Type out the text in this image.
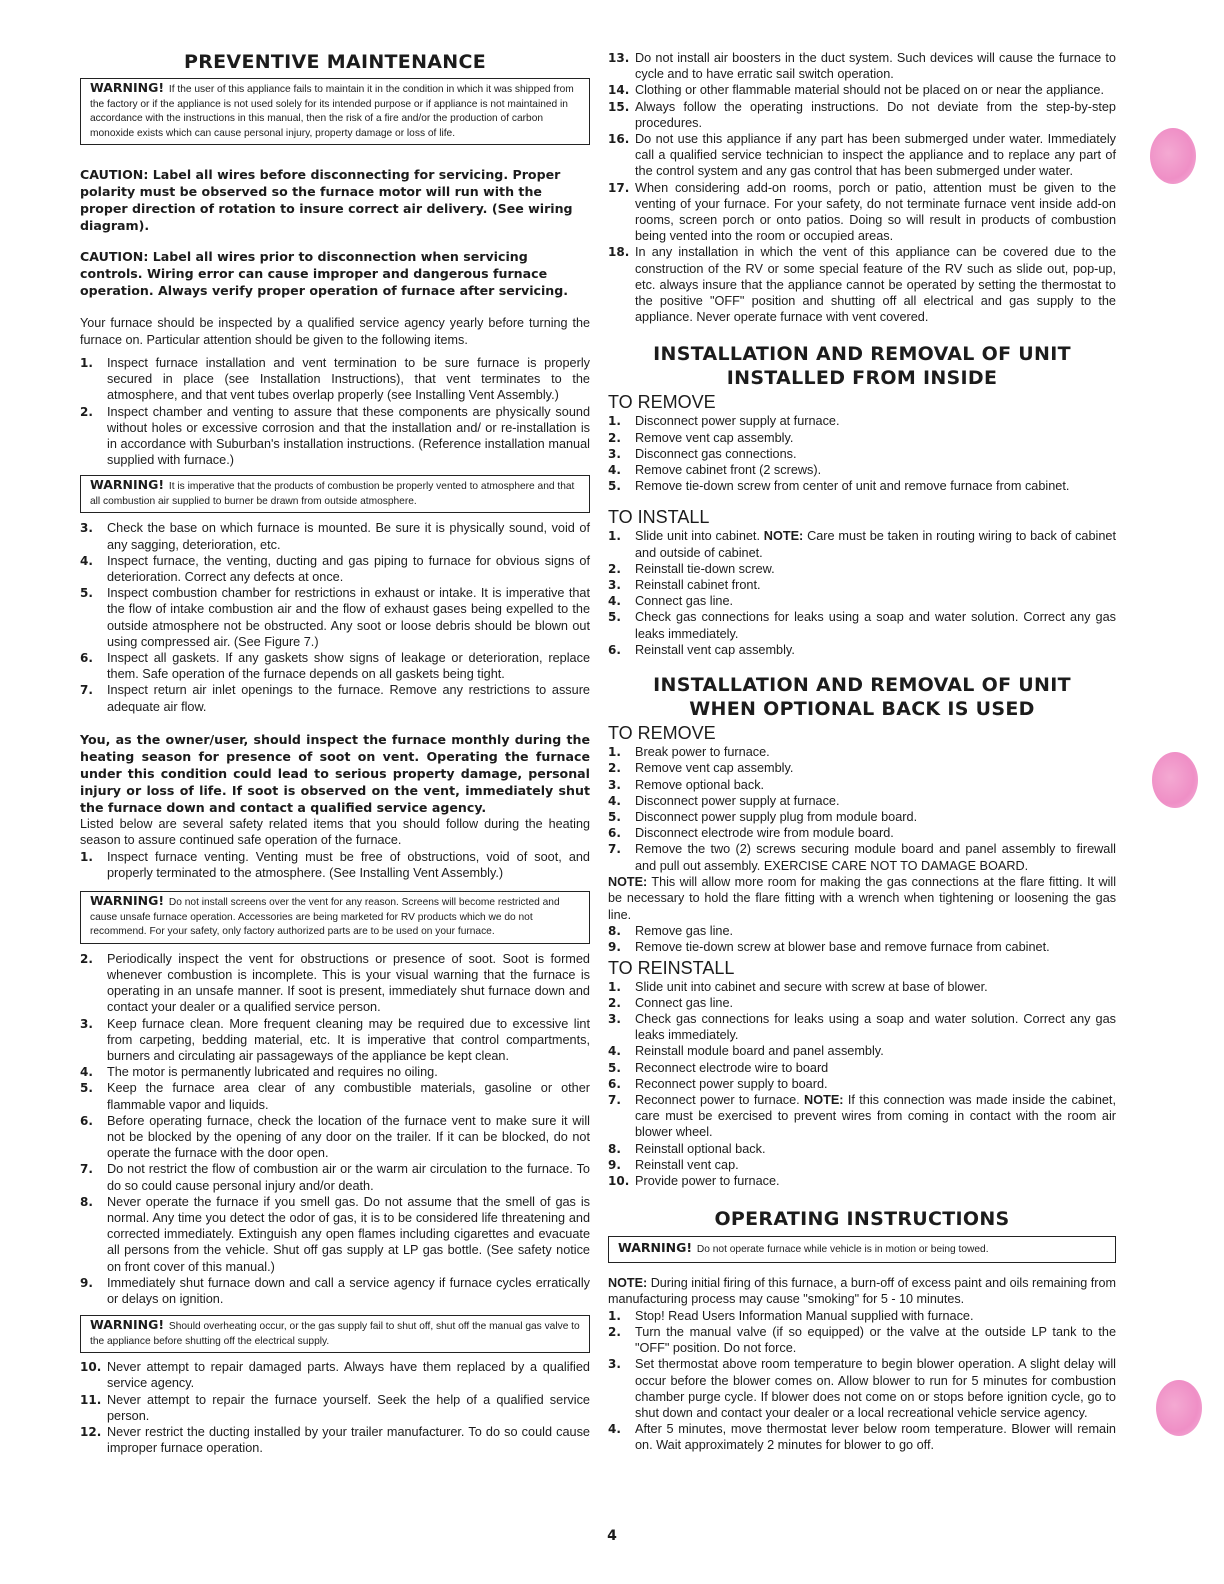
PREVENTIVE MAINTENANCE
WARNING! If the user of this appliance fails to maintain it in the condition in which it was shipped from the factory or if the appliance is not used solely for its intended purpose or if appliance is not maintained in accordance with the instructions in this manual, then the risk of a fire and/or the production of carbon monoxide exists which can cause personal injury, property damage or loss of life.

CAUTION: Label all wires before disconnecting for servicing. Proper polarity must be observed so the furnace motor will run with the proper direction of rotation to insure correct air delivery. (See wiring diagram).

CAUTION: Label all wires prior to disconnection when servicing controls. Wiring error can cause improper and dangerous furnace operation. Always verify proper operation of furnace after servicing.

Your furnace should be inspected by a qualified service agency yearly before turning the furnace on. Particular attention should be given to the following items.

1. Inspect furnace installation and vent termination to be sure furnace is properly secured in place (see Installation Instructions), that vent terminates to the atmosphere, and that vent tubes overlap properly (see Installing Vent Assembly.)
2. Inspect chamber and venting to assure that these components are physically sound without holes or excessive corrosion and that the installation and/ or re-installation is in accordance with Suburban's installation instructions. (Reference installation manual supplied with furnace.)
WARNING! It is imperative that the products of combustion be properly vented to atmosphere and that all combustion air supplied to burner be drawn from outside atmosphere.
3. Check the base on which furnace is mounted. Be sure it is physically sound, void of any sagging, deterioration, etc.
4. Inspect furnace, the venting, ducting and gas piping to furnace for obvious signs of deterioration. Correct any defects at once.
5. Inspect combustion chamber for restrictions in exhaust or intake. It is imperative that the flow of intake combustion air and the flow of exhaust gases being expelled to the outside atmosphere not be obstructed. Any soot or loose debris should be blown out using compressed air. (See Figure 7.)
6. Inspect all gaskets. If any gaskets show signs of leakage or deterioration, replace them. Safe operation of the furnace depends on all gaskets being tight.
7. Inspect return air inlet openings to the furnace. Remove any restrictions to assure adequate air flow.

You, as the owner/user, should inspect the furnace monthly during the heating season for presence of soot on vent. Operating the furnace under this condition could lead to serious property damage, personal injury or loss of life. If soot is observed on the vent, immediately shut the furnace down and contact a qualified service agency.

Listed below are several safety related items that you should follow during the heating season to assure continued safe operation of the furnace.

1. Inspect furnace venting. Venting must be free of obstructions, void of soot, and properly terminated to the atmosphere. (See Installing Vent Assembly.)
WARNING! Do not install screens over the vent for any reason. Screens will become restricted and cause unsafe furnace operation. Accessories are being marketed for RV products which we do not recommend. For your safety, only factory authorized parts are to be used on your furnace.
2. Periodically inspect the vent for obstructions or presence of soot. Soot is formed whenever combustion is incomplete. This is your visual warning that the furnace is operating in an unsafe manner. If soot is present, immediately shut furnace down and contact your dealer or a qualified service person.
3. Keep furnace clean. More frequent cleaning may be required due to excessive lint from carpeting, bedding material, etc. It is imperative that control compartments, burners and circulating air passageways of the appliance be kept clean.
4. The motor is permanently lubricated and requires no oiling.
5. Keep the furnace area clear of any combustible materials, gasoline or other flammable vapor and liquids.
6. Before operating furnace, check the location of the furnace vent to make sure it will not be blocked by the opening of any door on the trailer. If it can be blocked, do not operate the furnace with the door open.
7. Do not restrict the flow of combustion air or the warm air circulation to the furnace. To do so could cause personal injury and/or death.
8. Never operate the furnace if you smell gas. Do not assume that the smell of gas is normal. Any time you detect the odor of gas, it is to be considered life threatening and corrected immediately. Extinguish any open flames including cigarettes and evacuate all persons from the vehicle. Shut off gas supply at LP gas bottle. (See safety notice on front cover of this manual.)
9. Immediately shut furnace down and call a service agency if furnace cycles erratically or delays on ignition.
WARNING! Should overheating occur, or the gas supply fail to shut off, shut off the manual gas valve to the appliance before shutting off the electrical supply.
10. Never attempt to repair damaged parts. Always have them replaced by a qualified service agency.
11. Never attempt to repair the furnace yourself. Seek the help of a qualified service person.
12. Never restrict the ducting installed by your trailer manufacturer. To do so could cause improper furnace operation.
13. Do not install air boosters in the duct system. Such devices will cause the furnace to cycle and to have erratic sail switch operation.
14. Clothing or other flammable material should not be placed on or near the appliance.
15. Always follow the operating instructions. Do not deviate from the step-by-step procedures.
16. Do not use this appliance if any part has been submerged under water. Immediately call a qualified service technician to inspect the appliance and to replace any part of the control system and any gas control that has been submerged under water.
17. When considering add-on rooms, porch or patio, attention must be given to the venting of your furnace. For your safety, do not terminate furnace vent inside add-on rooms, screen porch or onto patios. Doing so will result in products of combustion being vented into the room or occupied areas.
18. In any installation in which the vent of this appliance can be covered due to the construction of the RV or some special feature of the RV such as slide out, pop-up, etc. always insure that the appliance cannot be operated by setting the thermostat to the positive "OFF" position and shutting off all electrical and gas supply to the appliance. Never operate furnace with vent covered.
INSTALLATION AND REMOVAL OF UNIT
INSTALLED FROM INSIDE
TO REMOVE
1. Disconnect power supply at furnace.
2. Remove vent cap assembly.
3. Disconnect gas connections.
4. Remove cabinet front (2 screws).
5. Remove tie-down screw from center of unit and remove furnace from cabinet.
TO INSTALL
1. Slide unit into cabinet. NOTE: Care must be taken in routing wiring to back of cabinet and outside of cabinet.
2. Reinstall tie-down screw.
3. Reinstall cabinet front.
4. Connect gas line.
5. Check gas connections for leaks using a soap and water solution. Correct any gas leaks immediately.
6. Reinstall vent cap assembly.
INSTALLATION AND REMOVAL OF UNIT
WHEN OPTIONAL BACK IS USED
TO REMOVE
1. Break power to furnace.
2. Remove vent cap assembly.
3. Remove optional back.
4. Disconnect power supply at furnace.
5. Disconnect power supply plug from module board.
6. Disconnect electrode wire from module board.
7. Remove the two (2) screws securing module board and panel assembly to firewall and pull out assembly. EXERCISE CARE NOT TO DAMAGE BOARD.

NOTE: This will allow more room for making the gas connections at the flare fitting. It will be necessary to hold the flare fitting with a wrench when tightening or loosening the gas line.

8. Remove gas line.
9. Remove tie-down screw at blower base and remove furnace from cabinet.
TO REINSTALL
1. Slide unit into cabinet and secure with screw at base of blower.
2. Connect gas line.
3. Check gas connections for leaks using a soap and water solution. Correct any gas leaks immediately.
4. Reinstall module board and panel assembly.
5. Reconnect electrode wire to board
6. Reconnect power supply to board.
7. Reconnect power to furnace. NOTE: If this connection was made inside the cabinet, care must be exercised to prevent wires from coming in contact with the room air blower wheel.
8. Reinstall optional back.
9. Reinstall vent cap.
10. Provide power to furnace.
OPERATING INSTRUCTIONS
WARNING! Do not operate furnace while vehicle is in motion or being towed.

NOTE: During initial firing of this furnace, a burn-off of excess paint and oils remaining from manufacturing process may cause "smoking" for 5 - 10 minutes.

1. Stop! Read Users Information Manual supplied with furnace.
2. Turn the manual valve (if so equipped) or the valve at the outside LP tank to the "OFF" position. Do not force.
3. Set thermostat above room temperature to begin blower operation. A slight delay will occur before the blower comes on. Allow blower to run for 5 minutes for combustion chamber purge cycle. If blower does not come on or stops before ignition cycle, go to shut down and contact your dealer or a local recreational vehicle service agency.
4. After 5 minutes, move thermostat lever below room temperature. Blower will remain on. Wait approximately 2 minutes for blower to go off.
4
